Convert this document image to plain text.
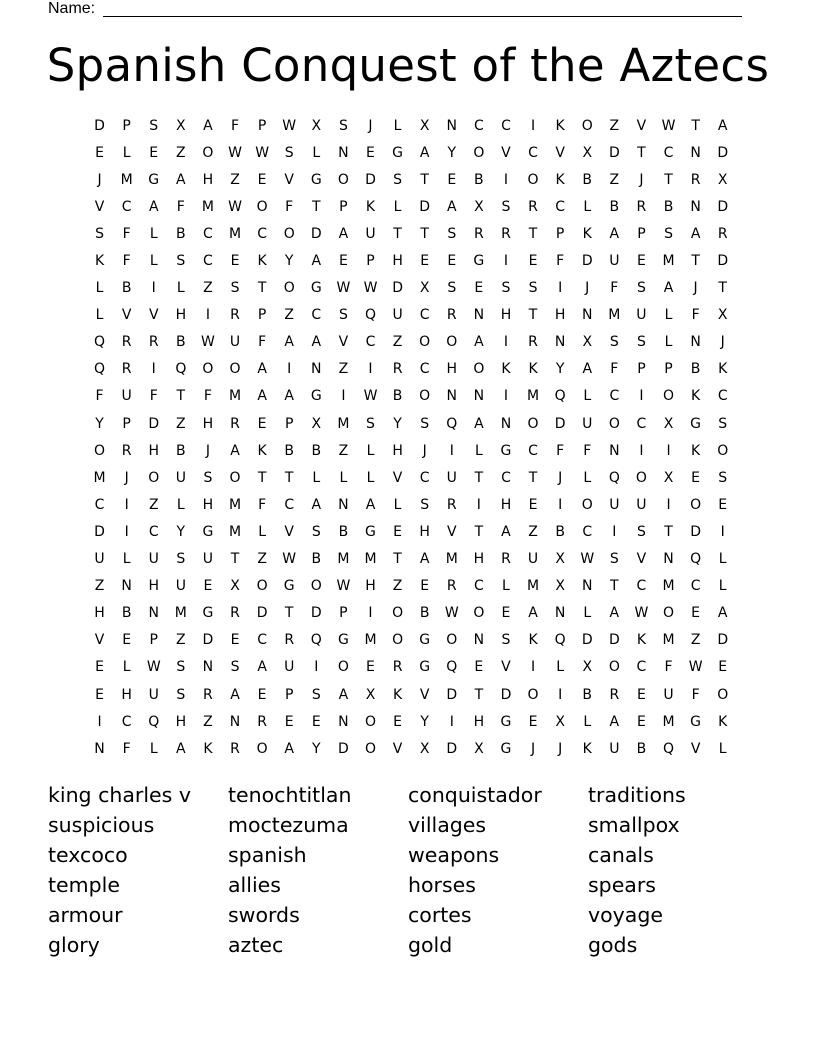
Name:
Spanish Conquest of the Aztecs
D	P	S	X	A	F	P	W	X	S	J	L	X	N	C	C	I	K	O	Z	V	W	T	A
E	L	E	Z	O	W W	S	L	N	E	G	A	Y	O	V	C	V	X	D	T	C	N	D
J	M	G	A	H	Z	E	V	G	O	D	S	T	E	B	I	O	K	B	Z	J	T	R	X
V	C	A	F	M	W	O	F	T	P	K	L	D	A	X	S	R	C	L	B	R	B	N	D
S	F	L	B	C	M	C	O	D	A	U	T	T	S	R	R	T	P	K	A	P	S	A	R
K	F	L	S	C	E	K	Y	A	E	P	H	E	E	G	I	E	F	D	U	E	M	T	D
L	B	I	L	Z	S	T	O	G	W W	D	X	S	E	S	S	I	J	F	S	A	J	T
L	V	V	H	I	R	P	Z	C	S	Q	U	C	R	N	H	T	H	N	M	U	L	F	X
Q	R	R	B	W	U	F	A	A	V	C	Z	O	O	A	I	R	N	X	S	S	L	N	J
Q	R	I	Q	O	O	A	I	N	Z	I	R	C	H	O	K	K	Y	A	F	P	P	B	K
F	U	F	T	F	M	A	A	G	I	W	B	O	N	N	I	M	Q	L	C	I	O	K	C
Y	P	D	Z	H	R	E	P	X	M	S	Y	S	Q	A	N	O	D	U	O	C	X	G	S
O	R	H	B	J	A	K	B	B	Z	L	H	J	I	L	G	C	F	F	N	I	I	K	O
M	J	O	U	S	O	T	T	L	L	L	V	C	U	T	C	T	J	L	Q	O	X	E	S
C	I	Z	L	H	M	F	C	A	N	A	L	S	R	I	H	E	I	O	U	U	I	O	E
D	I	C	Y	G	M	L	V	S	B	G	E	H	V	T	A	Z	B	C	I	S	T	D	I
U	L	U	S	U	T	Z	W	B	M	M	T	A	M	H	R	U	X	W	S	V	N	Q	L
Z	N	H	U	E	X	O	G	O	W	H	Z	E	R	C	L	M	X	N	T	C	M	C	L
H	B	N	M	G	R	D	T	D	P	I	O	B	W	O	E	A	N	L	A	W	O	E	A
V	E	P	Z	D	E	C	R	Q	G	M	O	G	O	N	S	K	Q	D	D	K	M	Z	D
E	L	W	S	N	S	A	U	I	O	E	R	G	Q	E	V	I	L	X	O	C	F	W	E
E	H	U	S	R	A	E	P	S	A	X	K	V	D	T	D	O	I	B	R	E	U	F	O
I	C	Q	H	Z	N	R	E	E	N	O	E	Y	I	H	G	E	X	L	A	E	M	G	K
N	F	L	A	K	R	O	A	Y	D	O	V	X	D	X	G	J	J	K	U	B	Q	V	L
king charles v	tenochtitlan	conquistador	traditions
suspicious	moctezuma	villages	smallpox
texcoco	spanish	weapons	canals
temple	allies	horses	spears
armour	swords	cortes	voyage
glory	aztec	gold	gods
